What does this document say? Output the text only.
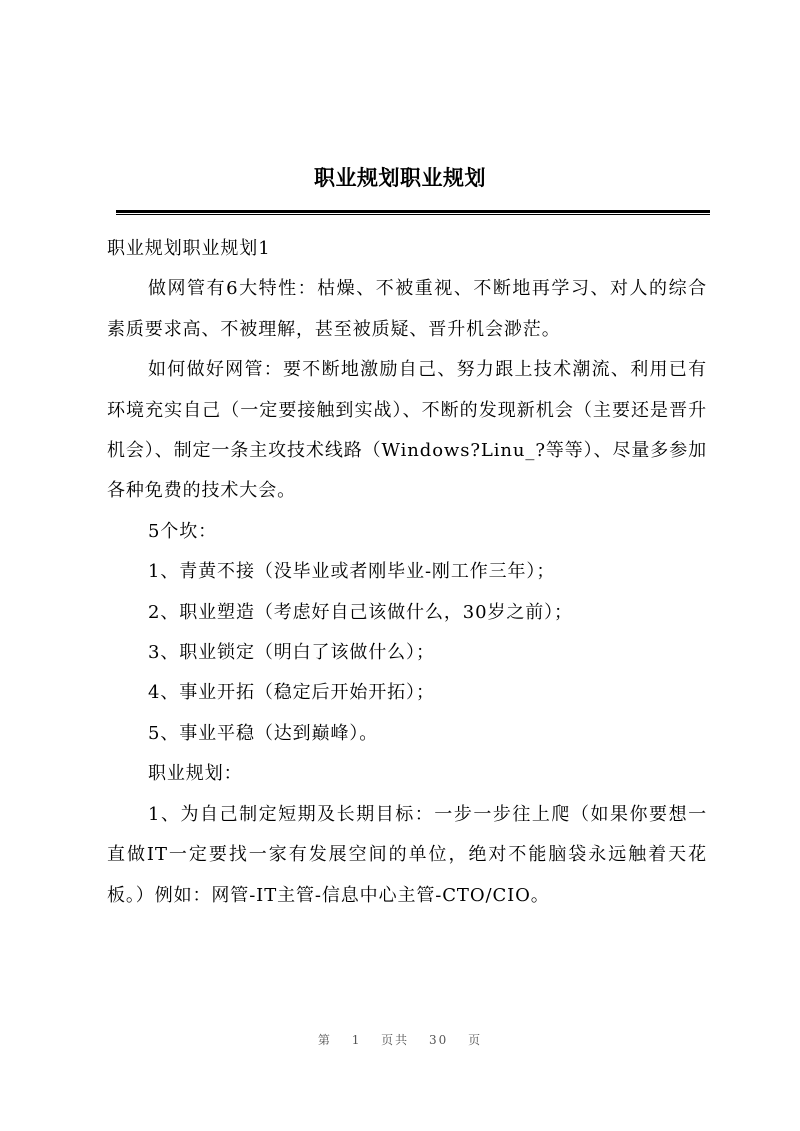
职业规划职业规划

职业规划职业规划1

做网管有6大特性：枯燥、不被重视、不断地再学习、对人的综合素质要求高、不被理解，甚至被质疑、晋升机会渺茫。

如何做好网管：要不断地激励自己、努力跟上技术潮流、利用已有环境充实自己（一定要接触到实战）、不断的发现新机会（主要还是晋升机会）、制定一条主攻技术线路（Windows?Linu_?等等）、尽量多参加各种免费的技术大会。

5个坎：

1、青黄不接（没毕业或者刚毕业-刚工作三年）；

2、职业塑造（考虑好自己该做什么，30岁之前）；

3、职业锁定（明白了该做什么）；

4、事业开拓（稳定后开始开拓）；

5、事业平稳（达到巅峰）。

职业规划：

1、为自己制定短期及长期目标：一步一步往上爬（如果你要想一直做IT一定要找一家有发展空间的单位，绝对不能脑袋永远触着天花板。）例如：网管-IT主管-信息中心主管-CTO/CIO。

第 1 页共 30 页
